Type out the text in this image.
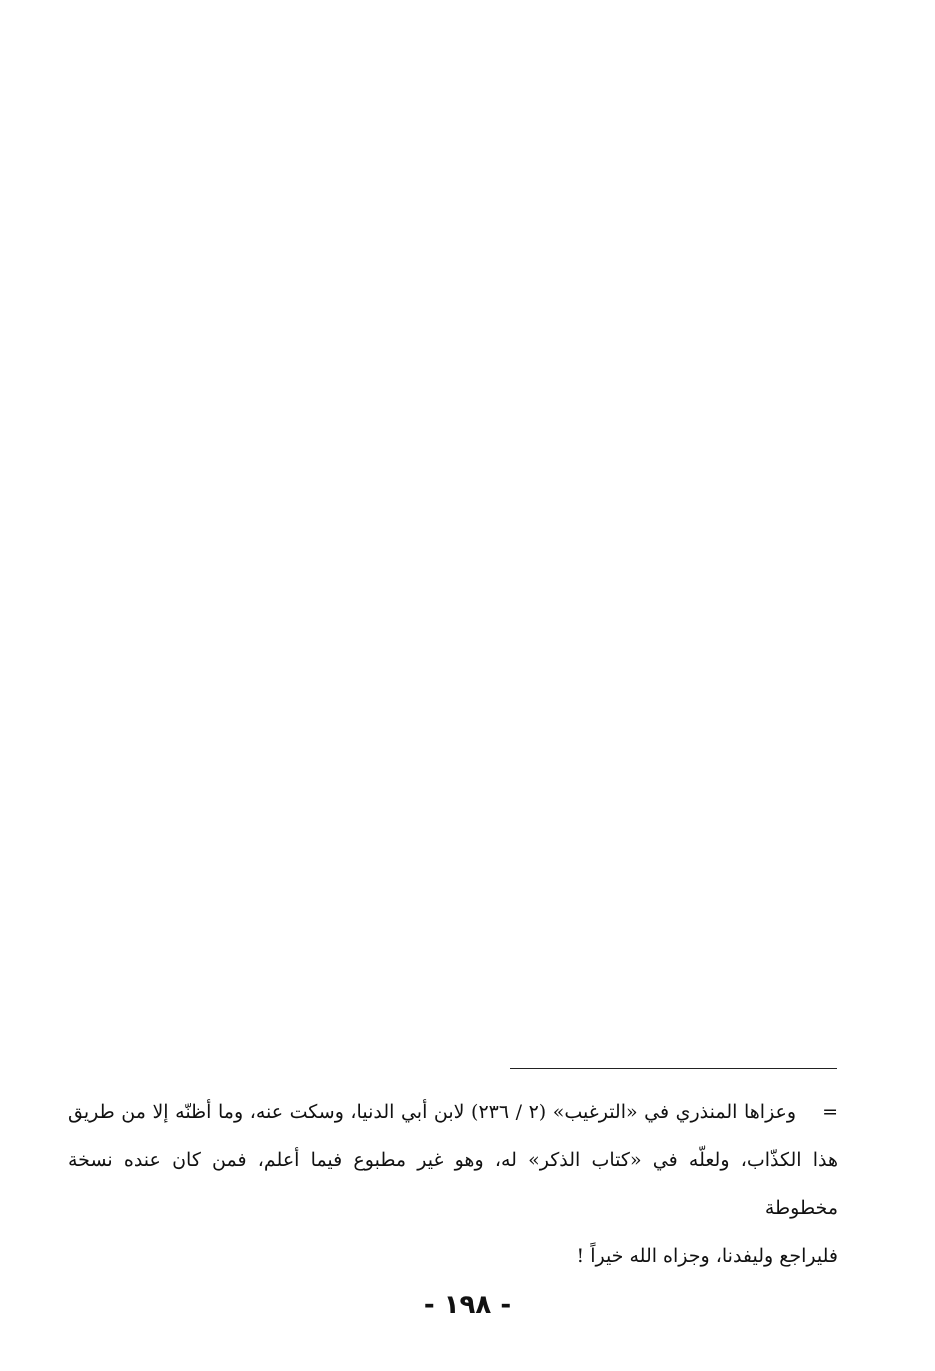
=وعزاها المنذري في «الترغيب» (٢ / ٢٣٦) لابن أبي الدنيا، وسكت عنه، وما أظنّه إلا من طريق
هذا الكذّاب، ولعلّه في «كتاب الذكر» له، وهو غير مطبوع فيما أعلم، فمن كان عنده نسخة مخطوطة
فليراجع وليفدنا، وجزاه الله خيراً !
- ١٩٨ -
